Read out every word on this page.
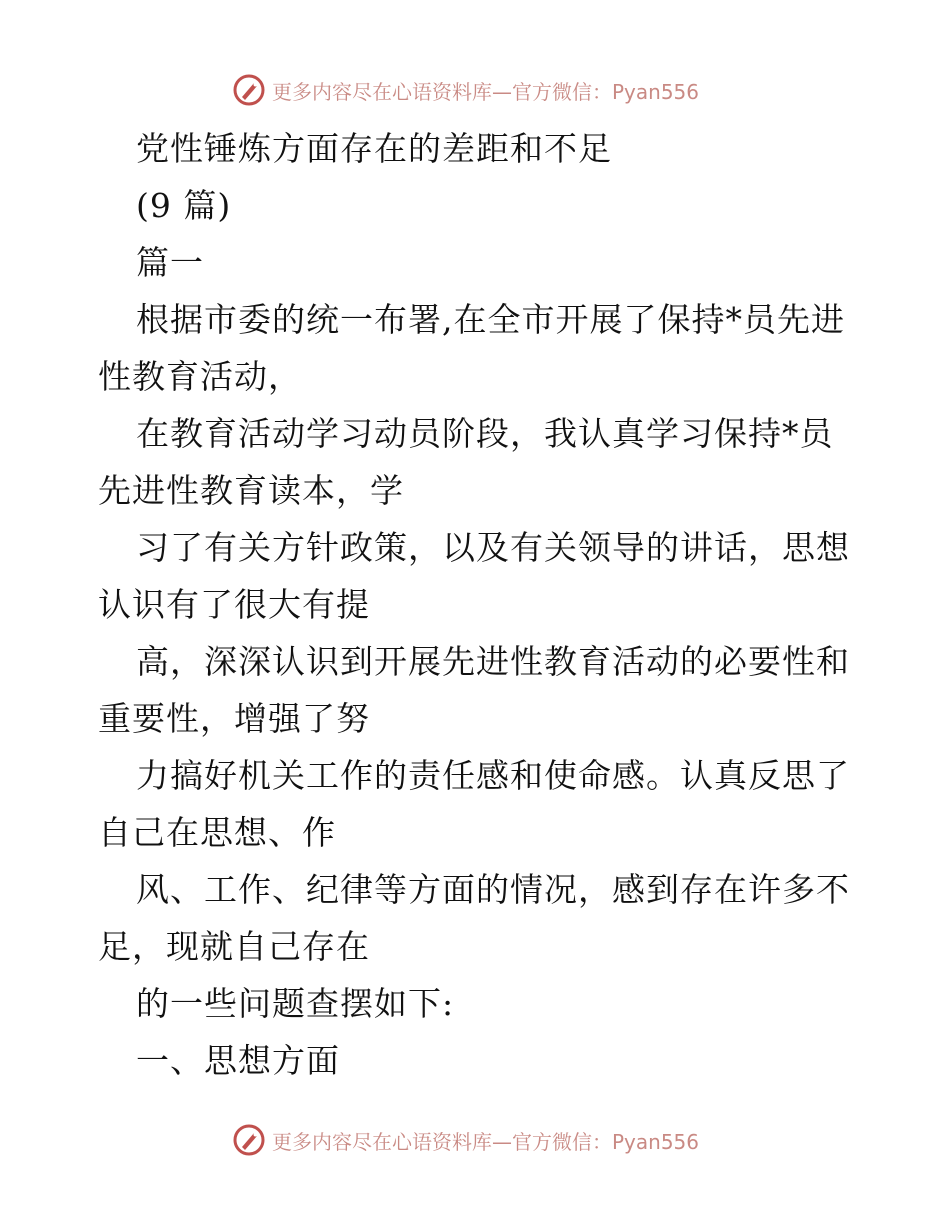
更多内容尽在心语资料库—官方微信：Pyan556
党性锤炼方面存在的差距和不足
(9 篇)
篇一
根据市委的统一布署,在全市开展了保持*员先进
性教育活动，
在教育活动学习动员阶段，我认真学习保持*员
先进性教育读本，学
习了有关方针政策，以及有关领导的讲话，思想
认识有了很大有提
高，深深认识到开展先进性教育活动的必要性和
重要性，增强了努
力搞好机关工作的责任感和使命感。认真反思了
自己在思想、作
风、工作、纪律等方面的情况，感到存在许多不
足，现就自己存在
的一些问题查摆如下:
一、思想方面
更多内容尽在心语资料库—官方微信：Pyan556
